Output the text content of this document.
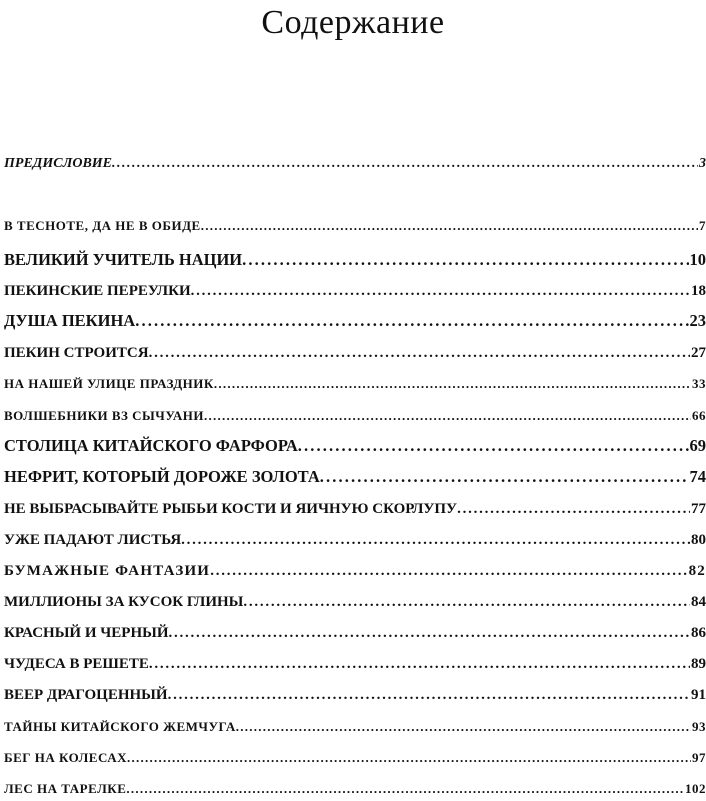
Содержание
ПРЕДИСЛОВИЕ . . .	3
В ТЕСНОТЕ, ДА НЕ В ОБИДЕ . . .	7
ВЕЛИКИЙ УЧИТЕЛЬ НАЦИИ . . .	10
ПЕКИНСКИЕ ПЕРЕУЛКИ . . .	18
ДУША ПЕКИНА . . .	23
ПЕКИН СТРОИТСЯ . . .	27
НА НАШЕЙ УЛИЦЕ ПРАЗДНИК . . .	33
ВОЛШЕБНИКИ ВЗ СЫЧУАНИ . . .	66
СТОЛИЦА КИТАЙСКОГО ФАРФОРА . . .	69
НЕФРИТ, КОТОРЫЙ ДОРОЖЕ ЗОЛОТА . . .	74
НЕ ВЫБРАСЫВАЙТЕ РЫБЬИ КОСТИ И ЯИЧНУЮ СКОРЛУПУ . . .	77
УЖЕ ПАДАЮТ ЛИСТЬЯ . . .	80
БУМАЖНЫЕ ФАНТАЗИИ . . .	82
МИЛЛИОНЫ ЗА КУСОК ГЛИНЫ . . .	84
КРАСНЫЙ И ЧЕРНЫЙ . . .	86
ЧУДЕСА В РЕШЕТЕ . . .	89
ВЕЕР ДРАГОЦЕННЫЙ . . .	91
ТАЙНЫ КИТАЙСКОГО ЖЕМЧУГА . . .	93
БЕГ НА КОЛЕСАХ . . .	97
ЛЕС НА ТАРЕЛКЕ . . .	102
